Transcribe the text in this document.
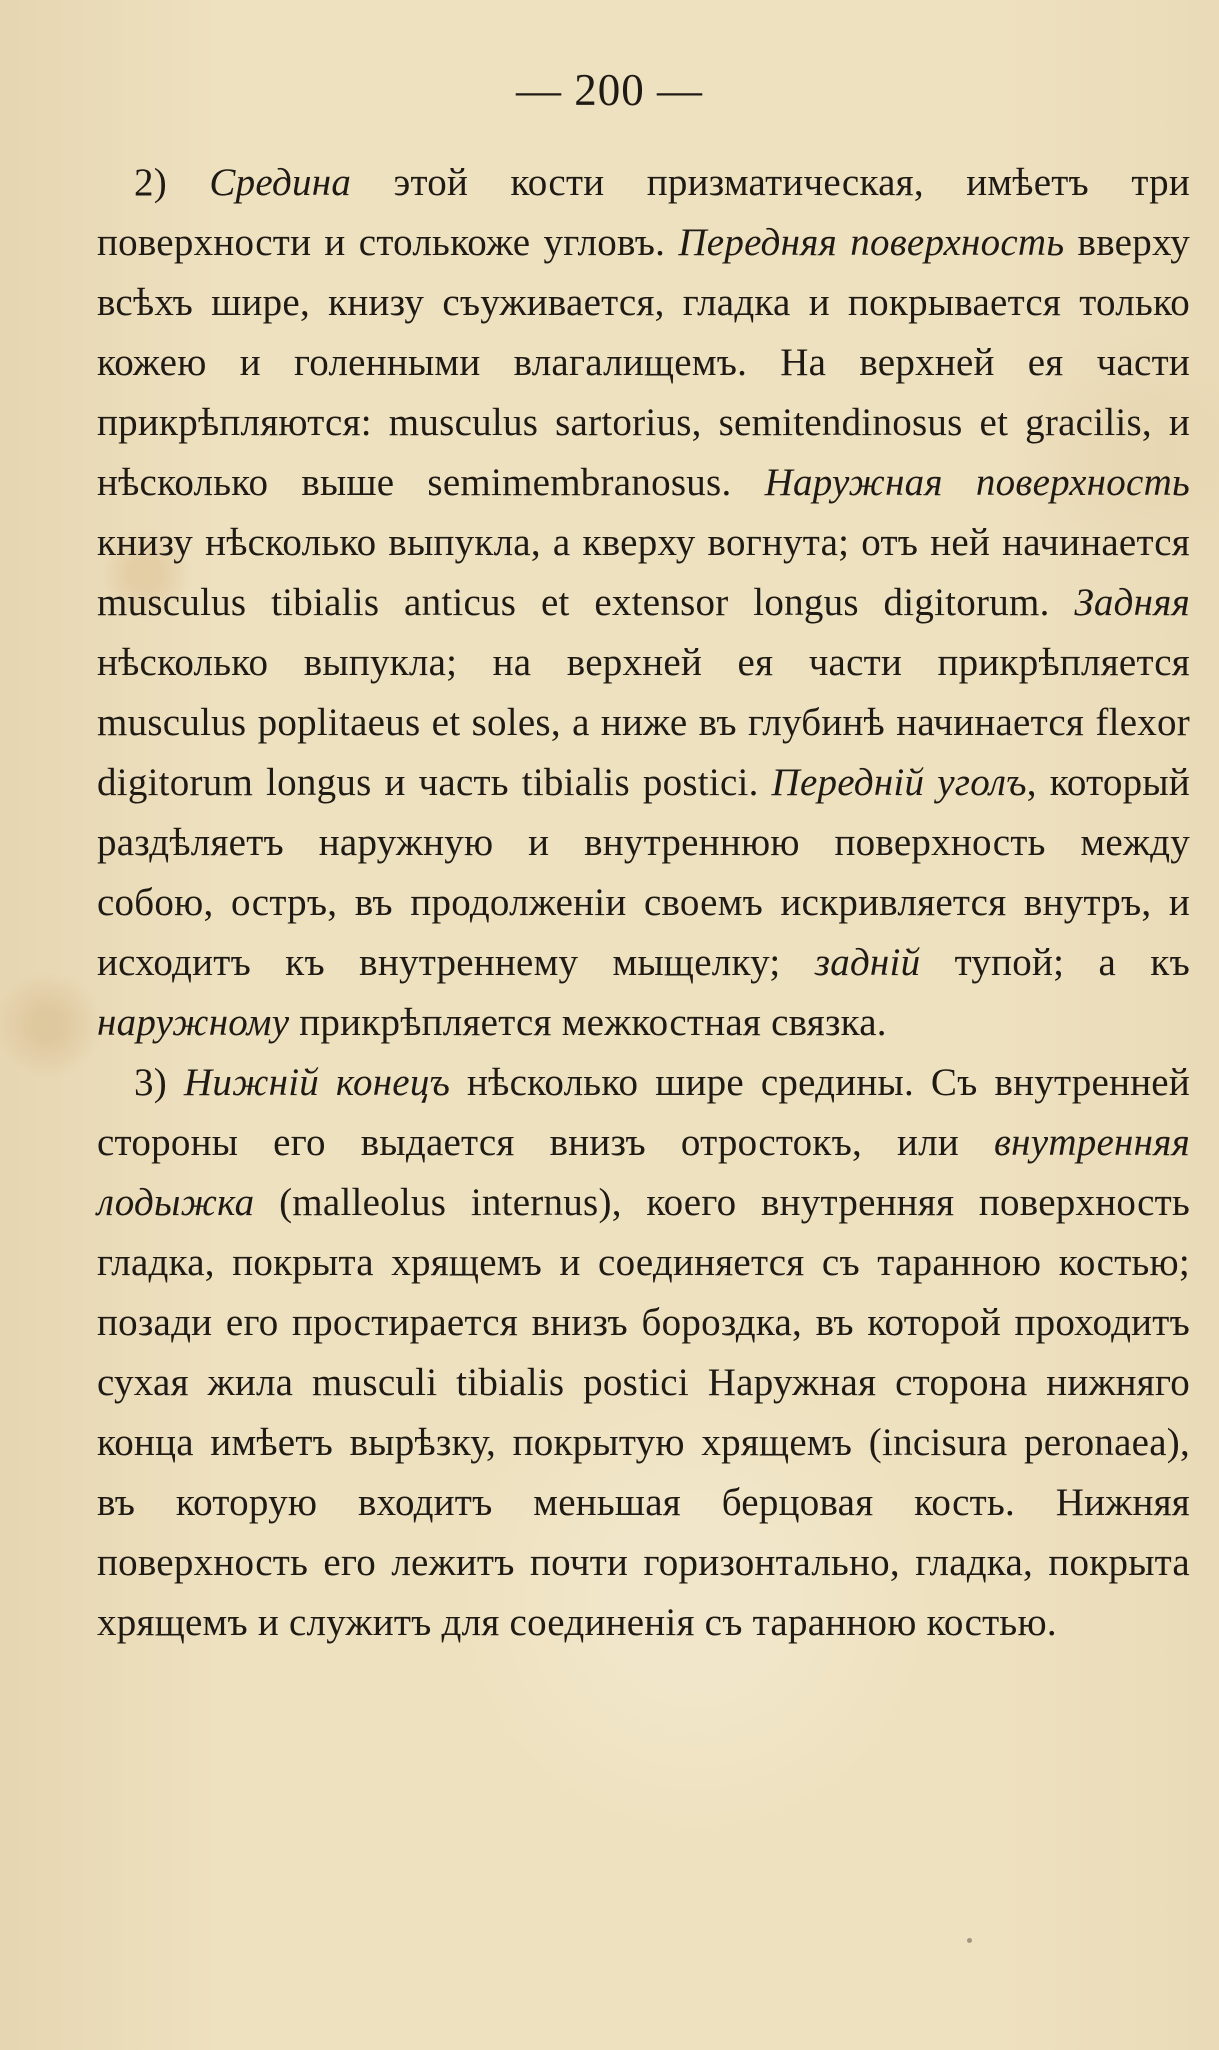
— 200 —

2) Средина этой кости призматическая, имѣетъ три поверхности и столькоже угловъ. Передняя поверхность вверху всѣхъ шире, книзу съуживается, гладка и покрывается только кожею и голенными влагалищемъ. На верхней ея части прикрѣпляются: musculus sartorius, semitendinosus et gracilis, и нѣсколько выше semimembranosus. Наружная поверхность книзу нѣсколько выпукла, а кверху вогнута; отъ ней начинается musculus tibialis anticus et extensor longus digitorum. Задняя нѣсколько выпукла; на верхней ея части прикрѣпляется musculus poplitaeus et soles, а ниже въ глубинѣ начинается flexor digitorum longus и часть tibialis postici. Передній уголъ, который раздѣляетъ наружную и внутреннюю поверхность между собою, остръ, въ продолженіи своемъ искривляется внутръ, и исходитъ къ внутреннему мыщелку; задній тупой; а къ наружному прикрѣпляется межкостная связка.

3) Нижній конецъ нѣсколько шире средины. Съ внутренней стороны его выдается внизъ отростокъ, или внутренняя лодыжка (malleolus internus), коего внутренняя поверхность гладка, покрыта хрящемъ и соединяется съ таранною костью; позади его простирается внизъ бороздка, въ которой проходитъ сухая жила musculi tibialis postici Наружная сторона нижняго конца имѣетъ вырѣзку, покрытую хрящемъ (incisura peronaea), въ которую входитъ меньшая берцовая кость. Нижняя поверхность его лежитъ почти горизонтально, гладка, покрыта хрящемъ и служитъ для соединенія съ таранною костью.
